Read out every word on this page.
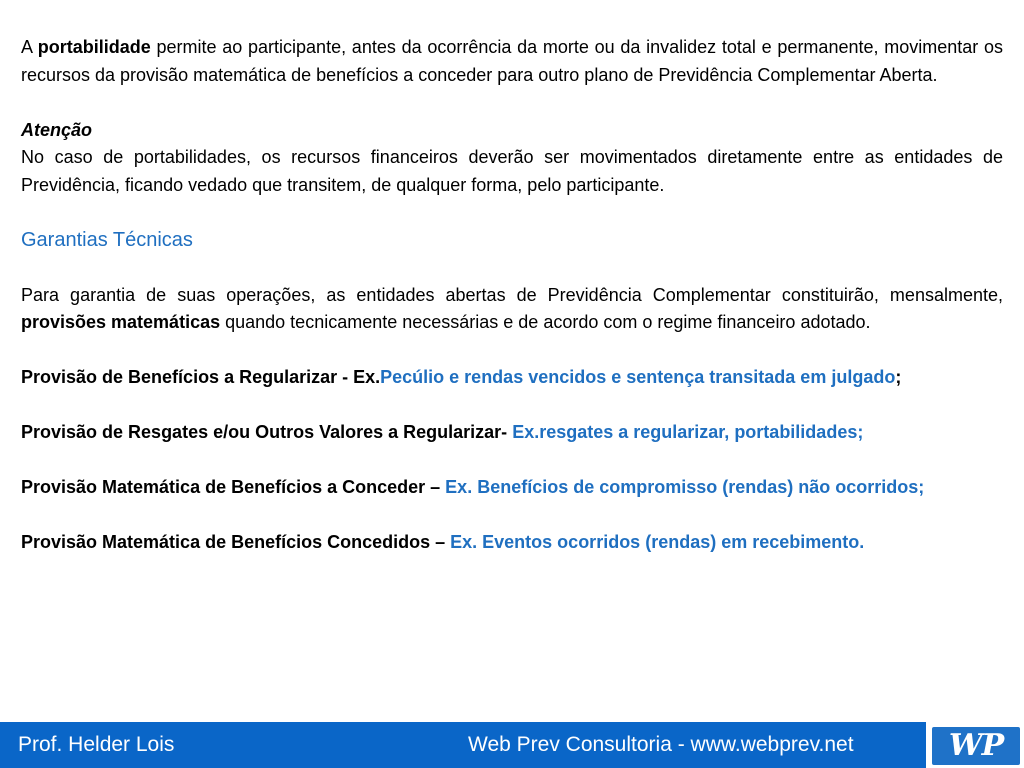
A portabilidade permite ao participante, antes da ocorrência da morte ou da invalidez total e permanente, movimentar os recursos da provisão matemática de benefícios a conceder para outro plano de Previdência Complementar Aberta.

Atenção

No caso de portabilidades, os recursos financeiros deverão ser movimentados diretamente entre as entidades de Previdência, ficando vedado que transitem, de qualquer forma, pelo participante.

Garantias Técnicas

Para garantia de suas operações, as entidades abertas de Previdência Complementar constituirão, mensalmente, provisões matemáticas quando tecnicamente necessárias e de acordo com o regime financeiro adotado.

Provisão de Benefícios a Regularizar - Ex.Pecúlio e rendas vencidos e sentença transitada em julgado;

Provisão de Resgates e/ou Outros Valores a Regularizar- Ex.resgates a regularizar, portabilidades;

Provisão Matemática de Benefícios a Conceder – Ex. Benefícios de compromisso (rendas) não ocorridos;

Provisão Matemática de Benefícios Concedidos – Ex. Eventos ocorridos (rendas) em recebimento.

Prof. Helder Lois	Web Prev Consultoria - www.webprev.net	WP
